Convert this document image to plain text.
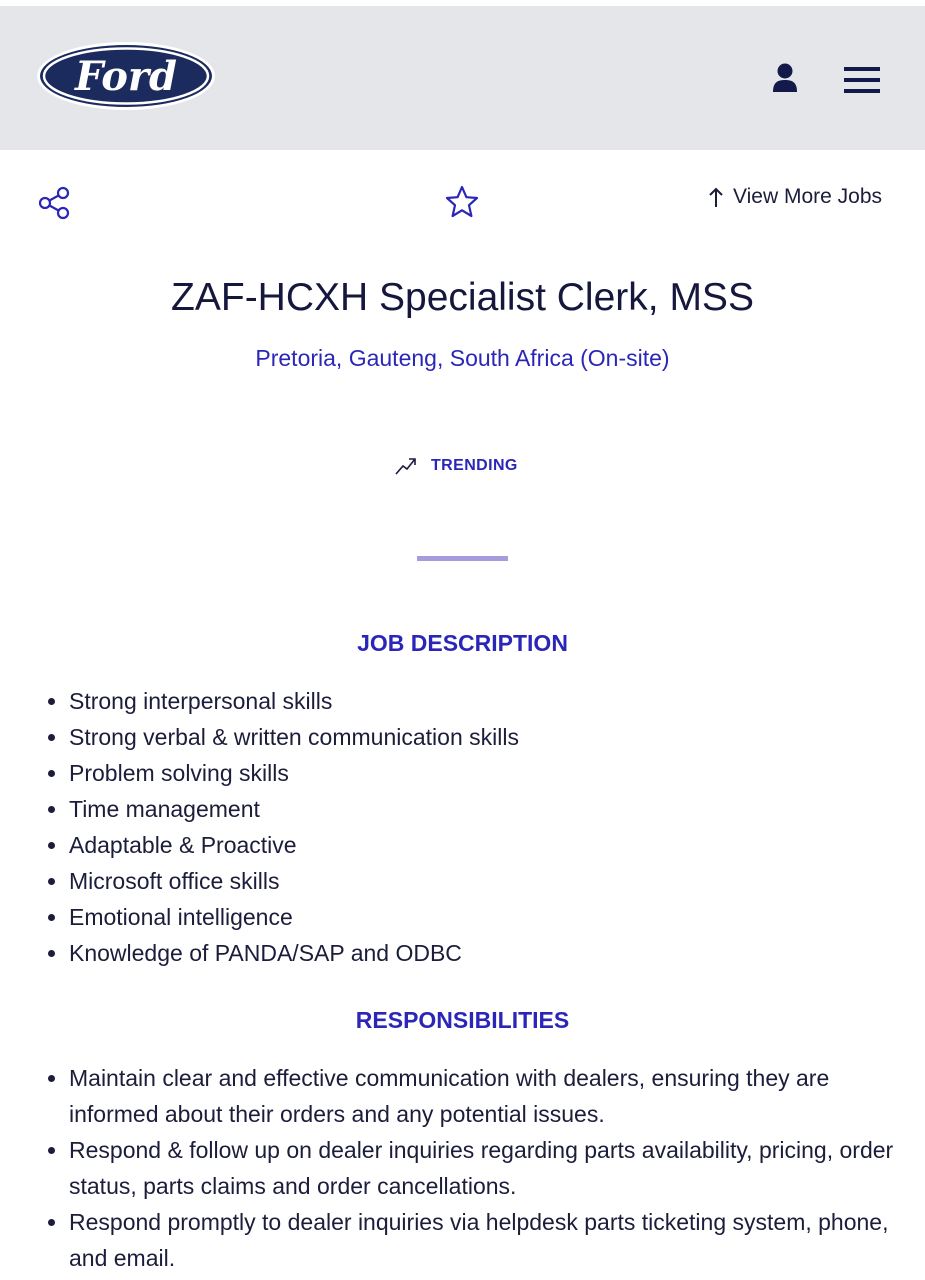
Ford
View More Jobs
ZAF-HCXH Specialist Clerk, MSS
Pretoria, Gauteng, South Africa (On-site)
TRENDING
JOB DESCRIPTION
Strong interpersonal skills
Strong verbal & written communication skills
Problem solving skills
Time management
Adaptable & Proactive
Microsoft office skills
Emotional intelligence
Knowledge of PANDA/SAP and ODBC
RESPONSIBILITIES
Maintain clear and effective communication with dealers, ensuring they are informed about their orders and any potential issues.
Respond & follow up on dealer inquiries regarding parts availability, pricing, order status, parts claims and order cancellations.
Respond promptly to dealer inquiries via helpdesk parts ticketing system, phone, and email.
